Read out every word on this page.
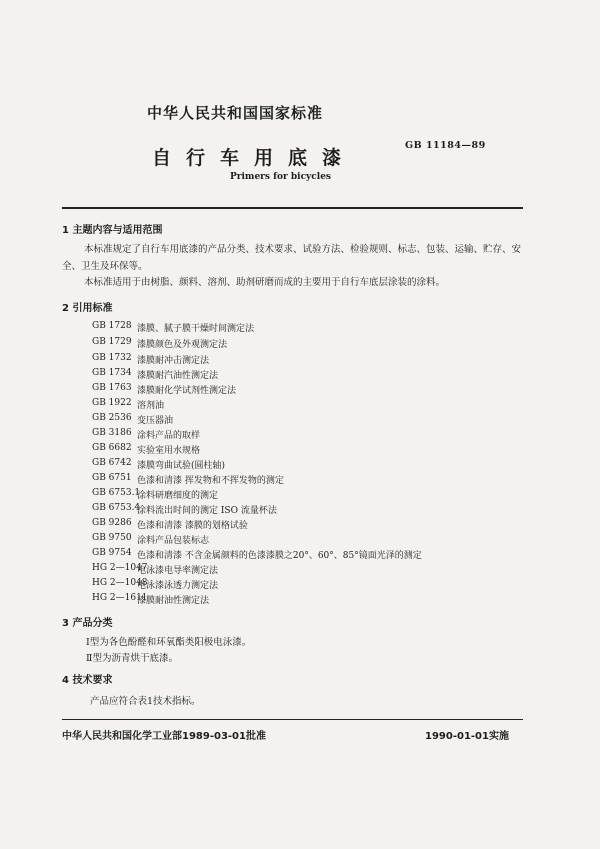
中华人民共和国国家标准
GB 11184—89
自行车用底漆
Primers for bicycles
1 主题内容与适用范围
本标准规定了自行车用底漆的产品分类、技术要求、试验方法、检验规则、标志、包装、运输、贮存、安
全、卫生及环保等。
本标准适用于由树脂、颜料、溶剂、助剂研磨而成的主要用于自行车底层涂装的涂料。
2 引用标准
GB 1728 漆膜、腻子膜干燥时间测定法
GB 1729 漆膜颜色及外观测定法
GB 1732 漆膜耐冲击测定法
GB 1734 漆膜耐汽油性测定法
GB 1763 漆膜耐化学试剂性测定法
GB 1922 溶剂油
GB 2536 变压器油
GB 3186 涂料产品的取样
GB 6682 实验室用水规格
GB 6742 漆膜弯曲试验(圆柱轴)
GB 6751 色漆和清漆 挥发物和不挥发物的测定
GB 6753.1
涂料研磨细度的测定
GB 6753.4
涂料流出时间的测定 ISO 流量杯法
GB 9286 色漆和清漆 漆膜的划格试验
GB 9750 涂料产品包装标志
GB 9754 色漆和清漆 不含金属颜料的色漆漆膜之20°、60°、85°镜面光泽的测定
HG 2—1047
电泳漆电导率测定法
HG 2—1048
电泳漆泳透力测定法
HG 2—1611
漆膜耐油性测定法
3 产品分类
Ⅰ型为各色酚醛和环氧酯类阳极电泳漆。
Ⅱ型为沥青烘干底漆。
4 技术要求
产品应符合表1技术指标。
中华人民共和国化学工业部1989-03-01批准	1990-01-01实施
